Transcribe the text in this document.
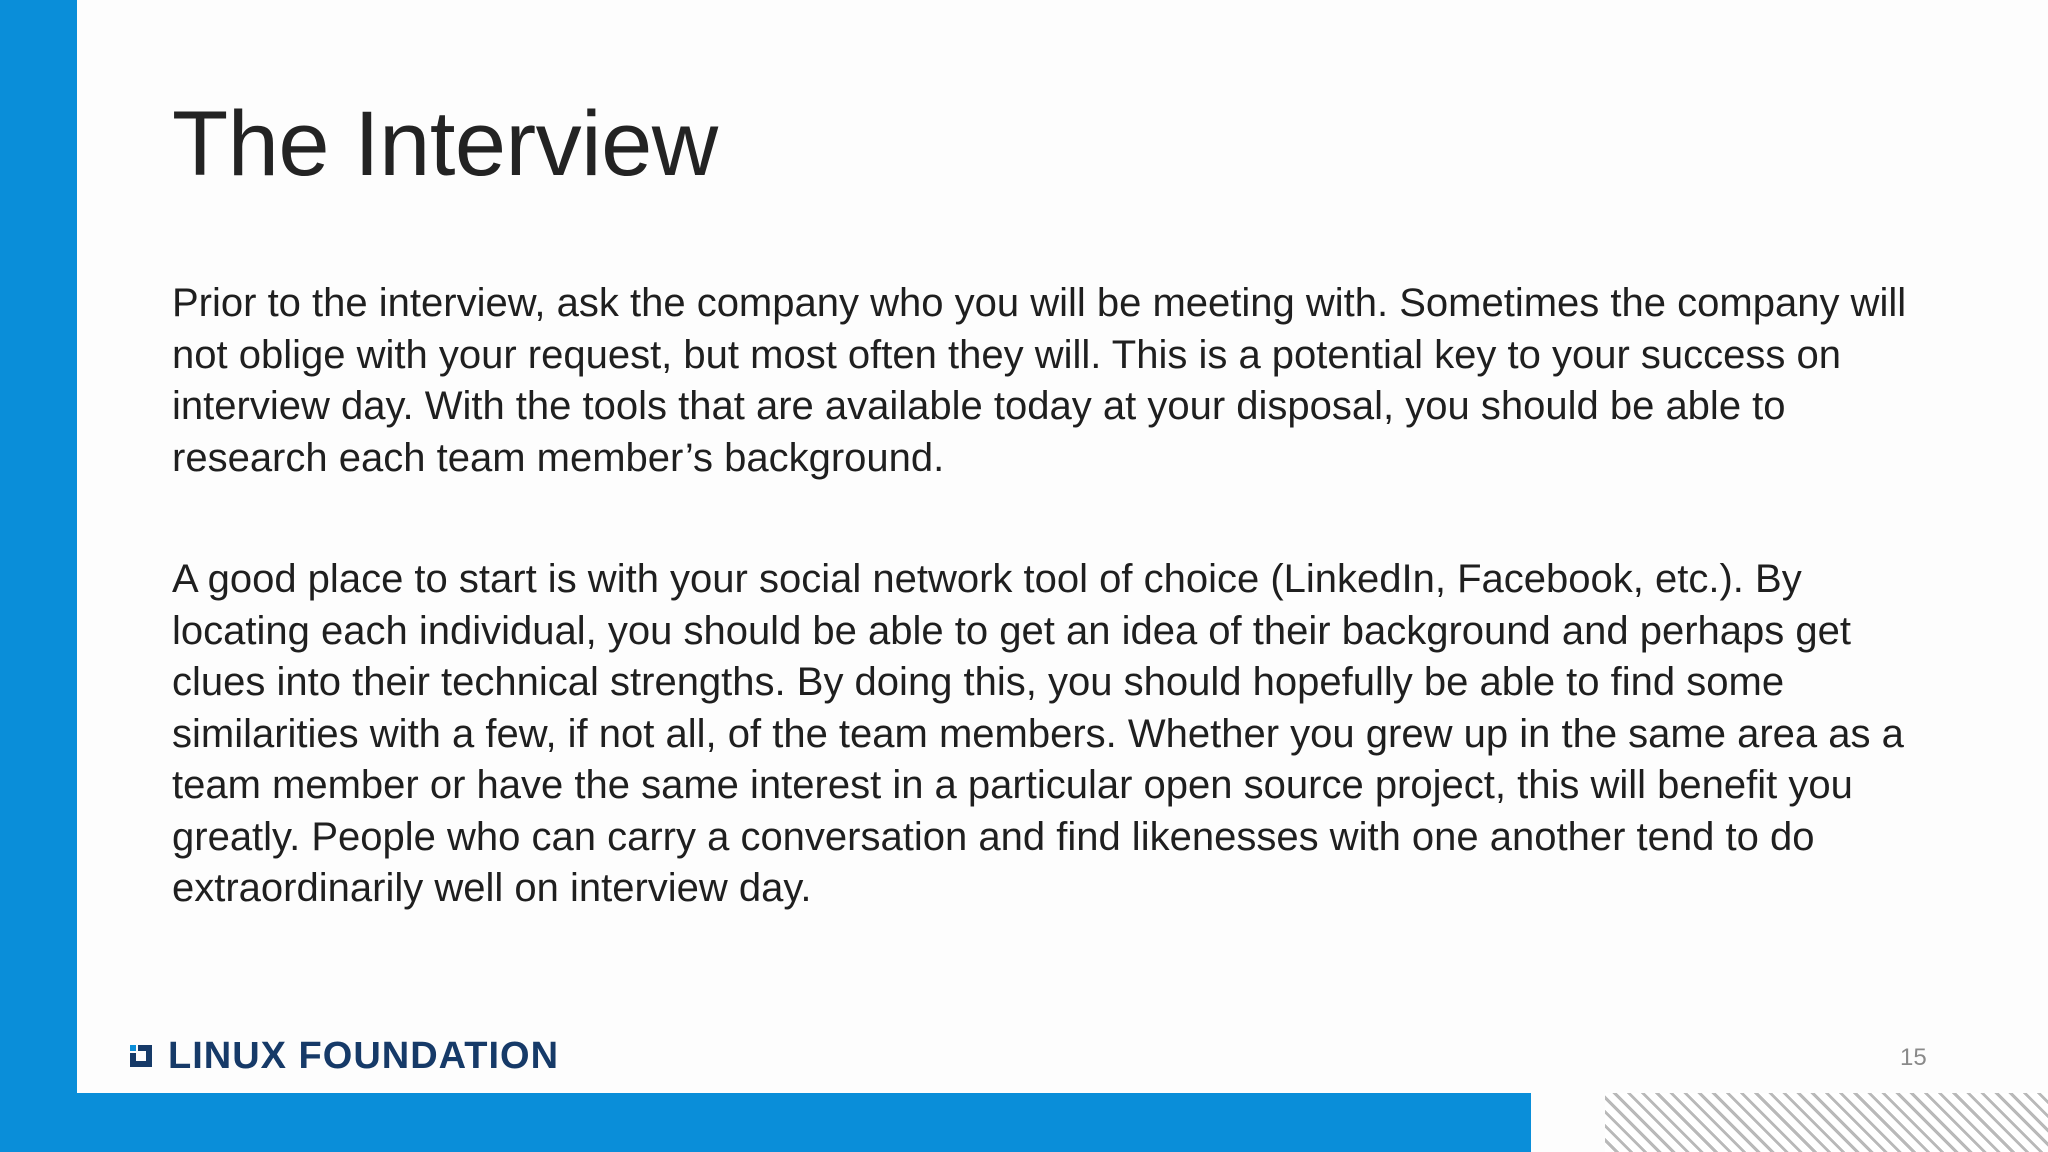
The Interview

Prior to the interview, ask the company who you will be meeting with. Sometimes the company will not oblige with your request, but most often they will. This is a potential key to your success on interview day. With the tools that are available today at your disposal, you should be able to research each team member’s background.

A good place to start is with your social network tool of choice (LinkedIn, Facebook, etc.). By locating each individual, you should be able to get an idea of their background and perhaps get clues into their technical strengths. By doing this, you should hopefully be able to find some similarities with a few, if not all, of the team members. Whether you grew up in the same area as a team member or have the same interest in a particular open source project, this will benefit you greatly. People who can carry a conversation and find likenesses with one another tend to do extraordinarily well on interview day.

LINUX FOUNDATION	15
